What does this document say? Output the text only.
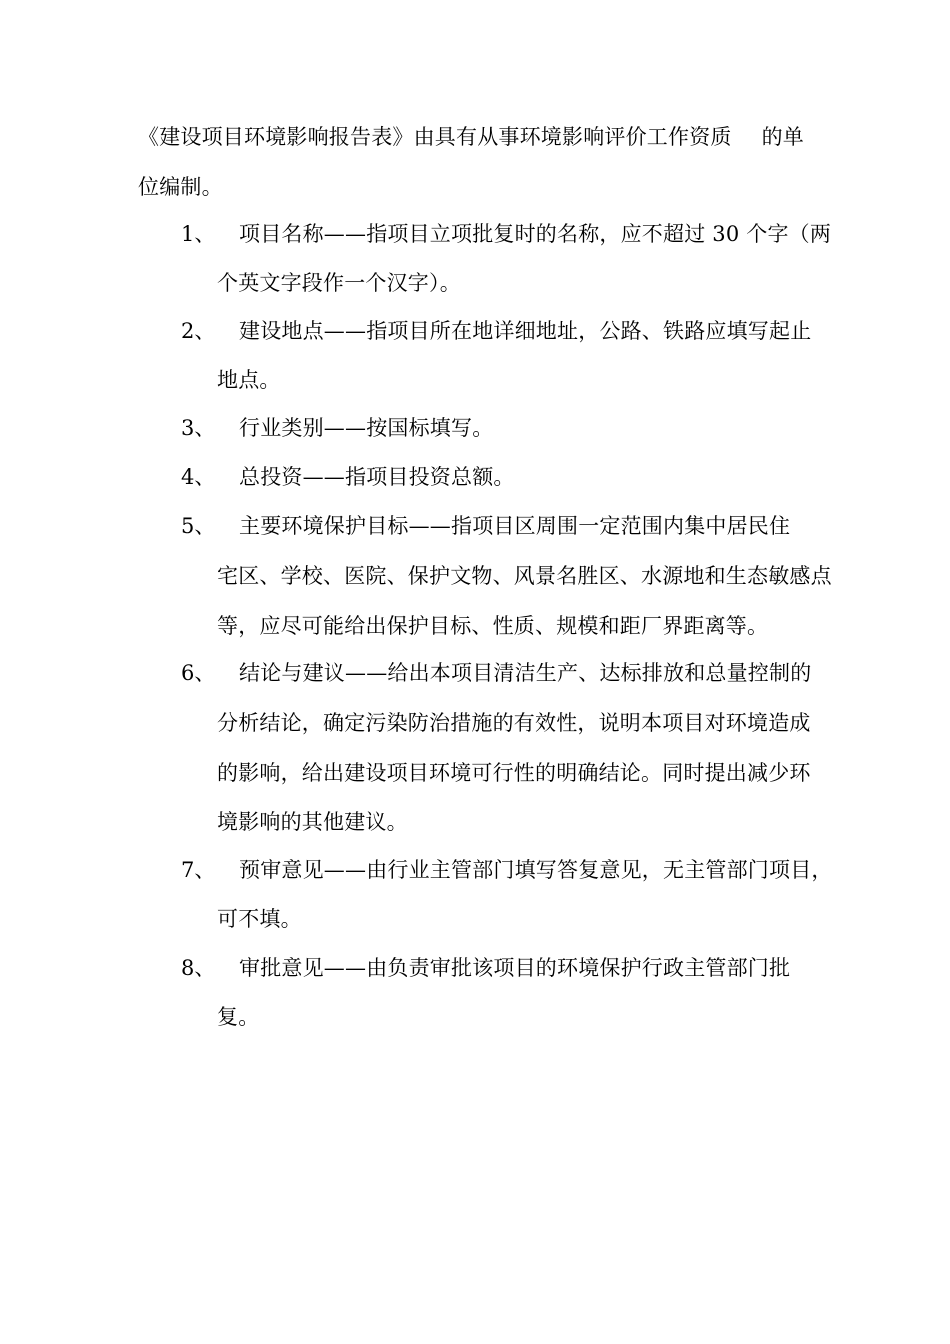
《建设项目环境影响报告表》由具有从事环境影响评价工作资质 的单
位编制。
1、 项目名称——指项目立项批复时的名称，应不超过 30 个字（两
个英文字段作一个汉字）。
2、 建设地点——指项目所在地详细地址，公路、铁路应填写起止
地点。
3、 行业类别——按国标填写。
4、 总投资——指项目投资总额。
5、 主要环境保护目标——指项目区周围一定范围内集中居民住
宅区、学校、医院、保护文物、风景名胜区、水源地和生态敏感点
等，应尽可能给出保护目标、性质、规模和距厂界距离等。
6、 结论与建议——给出本项目清洁生产、达标排放和总量控制的
分析结论，确定污染防治措施的有效性，说明本项目对环境造成
的影响，给出建设项目环境可行性的明确结论。同时提出减少环
境影响的其他建议。
7、 预审意见——由行业主管部门填写答复意见，无主管部门项目，
可不填。
8、 审批意见——由负责审批该项目的环境保护行政主管部门批
复。
